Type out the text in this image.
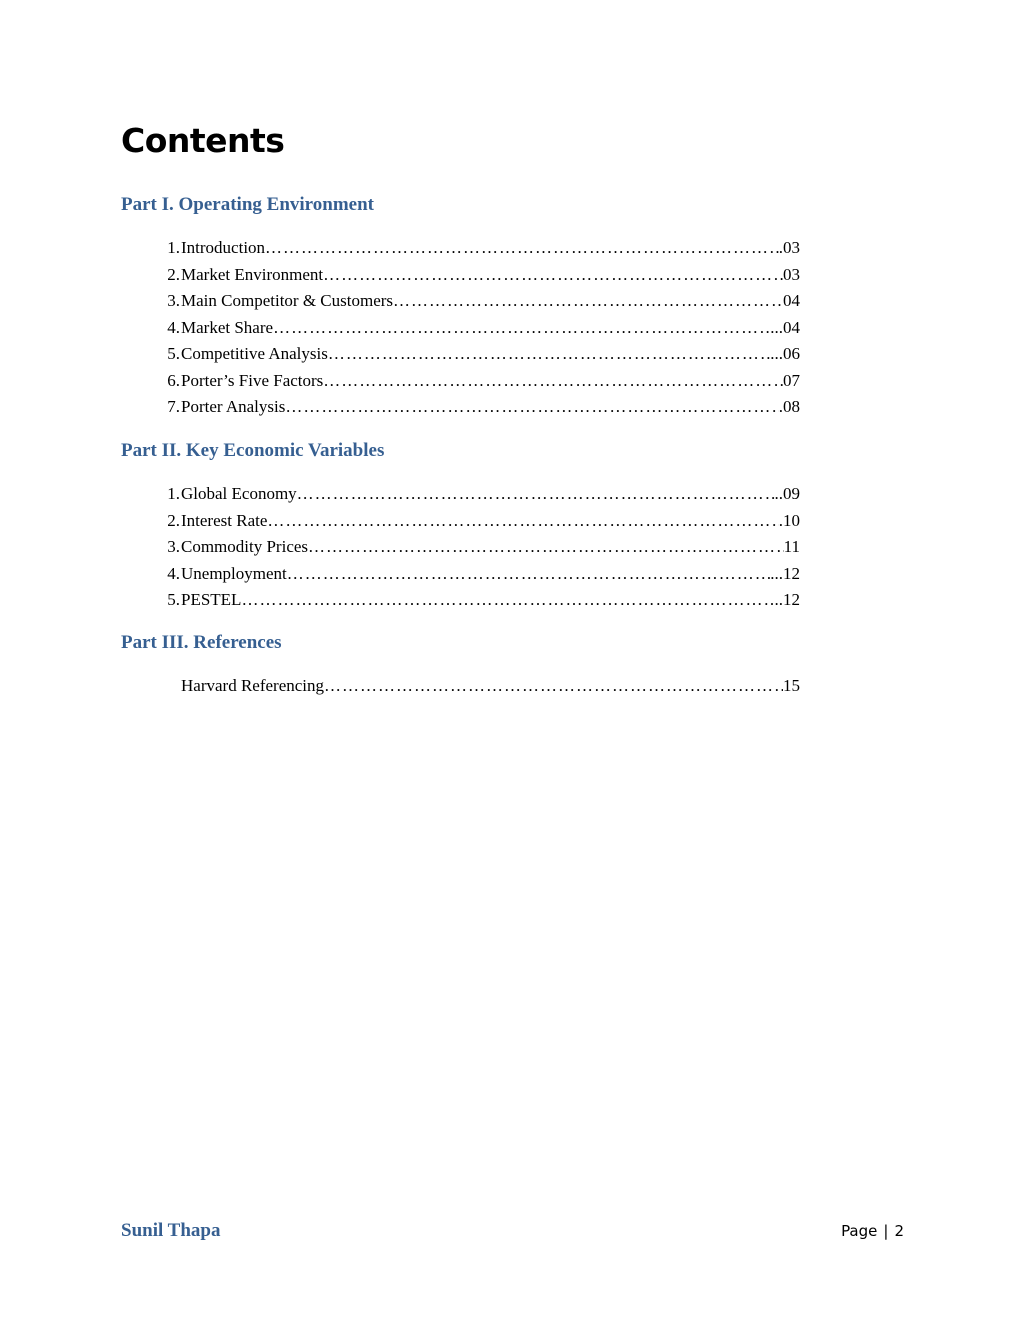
Contents
Part I. Operating Environment
1. Introduction ……………………………………………………………………………………………………………………………………………………………………	.03
2. Market Environment ……………………………………………………………………………………………………………………………………………………………………	03
3. Main Competitor & Customers ……………………………………………………………………………………………………………………………………………………………………	04
4. Market Share ……………………………………………………………………………………………………………………………………………………………………	...04
5. Competitive Analysis ……………………………………………………………………………………………………………………………………………………………………	...06
6. Porter’s Five Factors ……………………………………………………………………………………………………………………………………………………………………	07
7. Porter Analysis ……………………………………………………………………………………………………………………………………………………………………	.08
Part II. Key Economic Variables
1. Global Economy ……………………………………………………………………………………………………………………………………………………………………	..09
2. Interest Rate ……………………………………………………………………………………………………………………………………………………………………	.10
3. Commodity Prices ……………………………………………………………………………………………………………………………………………………………………	11
4. Unemployment ……………………………………………………………………………………………………………………………………………………………………	...12
5. PESTEL ……………………………………………………………………………………………………………………………………………………………………	..12
Part III. References

Harvard Referencing ……………………………………………………………………………………………………………………………………………………………………	15
Sunil Thapa	Page | 2
